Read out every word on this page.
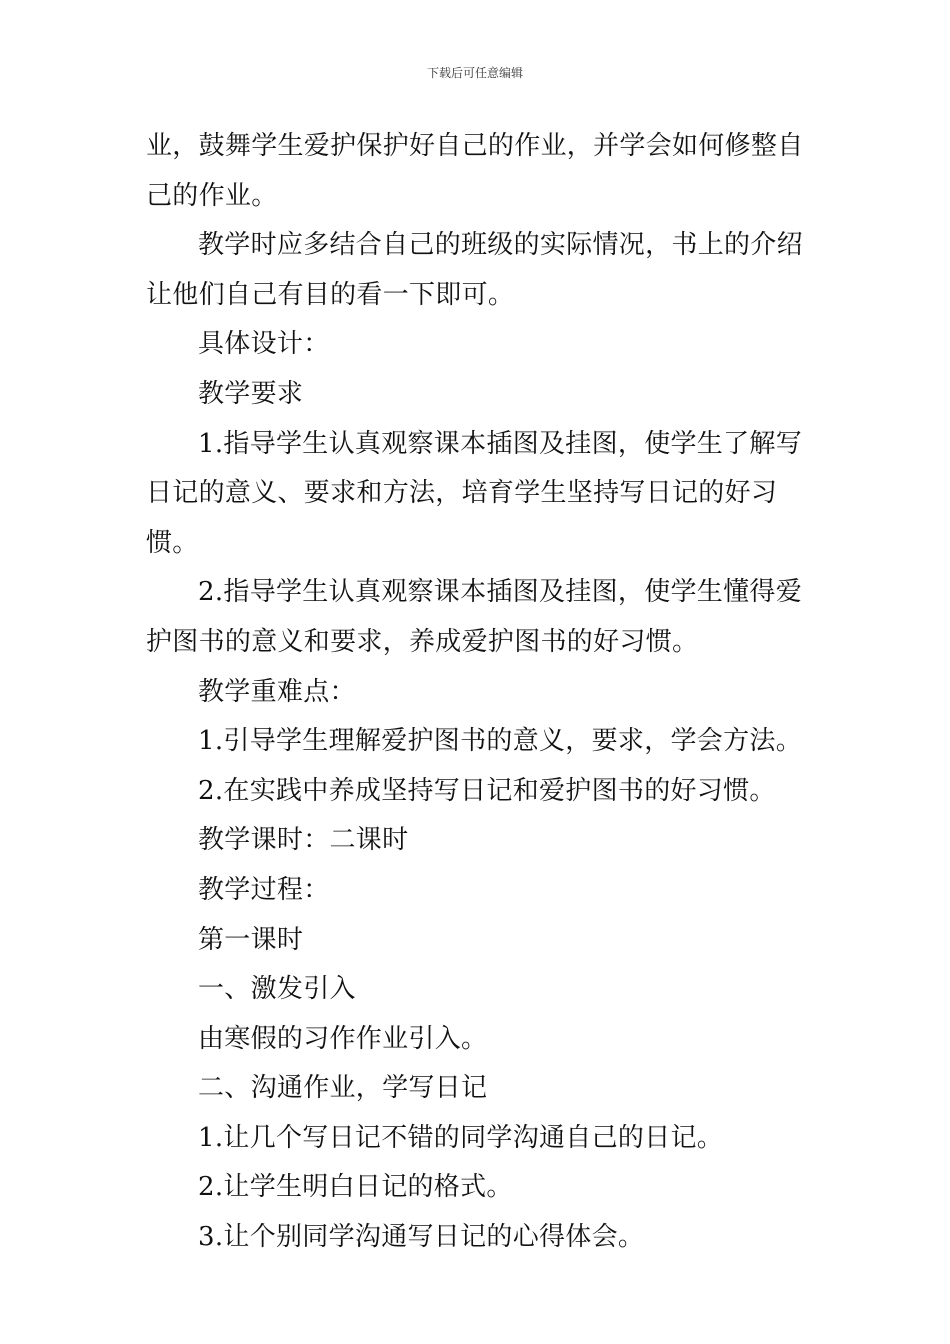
下载后可任意编辑

业，鼓舞学生爱护保护好自己的作业，并学会如何修整自己的作业。

教学时应多结合自己的班级的实际情况，书上的介绍让他们自己有目的看一下即可。

具体设计：

教学要求

1.指导学生认真观察课本插图及挂图，使学生了解写日记的意义、要求和方法，培育学生坚持写日记的好习惯。

2.指导学生认真观察课本插图及挂图，使学生懂得爱护图书的意义和要求，养成爱护图书的好习惯。

教学重难点：

1.引导学生理解爱护图书的意义，要求，学会方法。

2.在实践中养成坚持写日记和爱护图书的好习惯。

教学课时：二课时

教学过程：

第一课时

一、激发引入

由寒假的习作作业引入。

二、沟通作业，学写日记

1.让几个写日记不错的同学沟通自己的日记。

2.让学生明白日记的格式。

3.让个别同学沟通写日记的心得体会。
